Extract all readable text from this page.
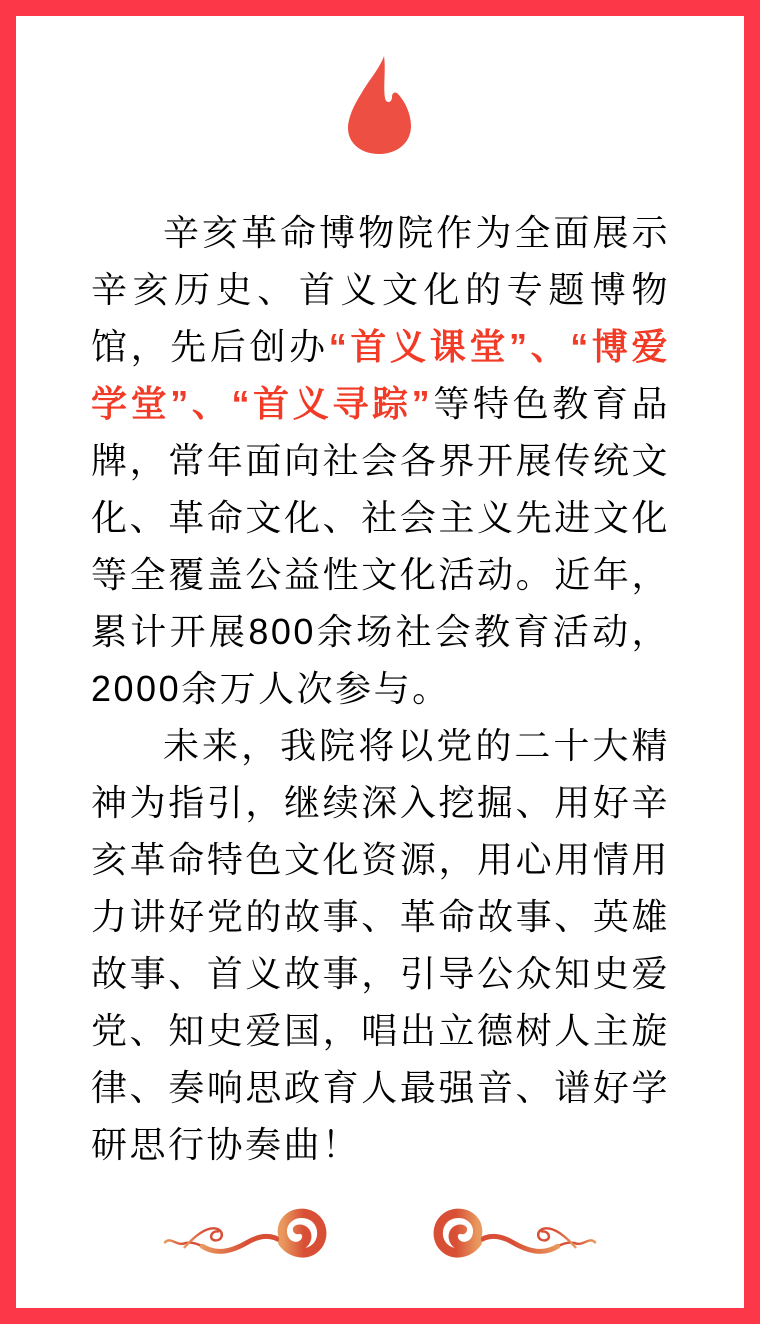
辛亥革命博物院作为全面展示辛亥历史、首义文化的专题博物馆，先后创办“首义课堂”、“博爱学堂”、“首义寻踪”等特色教育品牌，常年面向社会各界开展传统文化、革命文化、社会主义先进文化等全覆盖公益性文化活动。近年，累计开展800余场社会教育活动，2000余万人次参与。

未来，我院将以党的二十大精神为指引，继续深入挖掘、用好辛亥革命特色文化资源，用心用情用力讲好党的故事、革命故事、英雄故事、首义故事，引导公众知史爱党、知史爱国，唱出立德树人主旋律、奏响思政育人最强音、谱好学研思行协奏曲！
